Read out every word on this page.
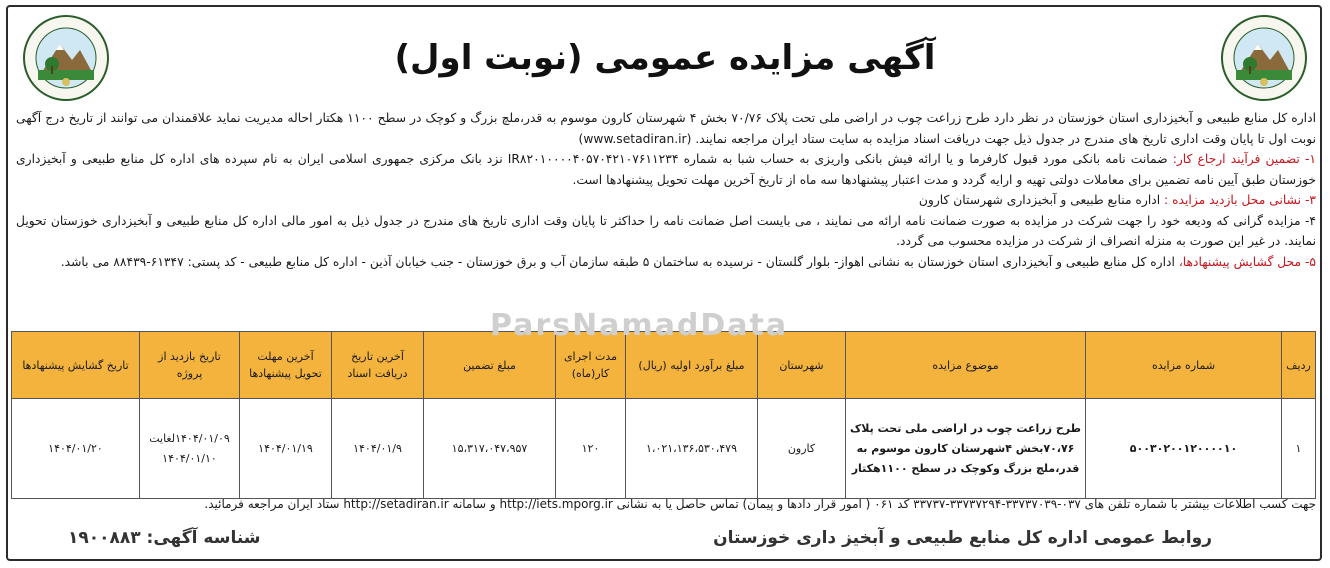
آگهی مزایده عمومی (نوبت اول)

اداره کل منابع طبیعی و آبخیزداری استان خوزستان در نظر دارد طرح زراعت چوب در اراضی ملی تحت پلاک ۷۰/۷۶ بخش ۴ شهرستان کارون موسوم به قدر،ملچ بزرگ و کوچک در سطح ۱۱۰۰ هکتار احاله مدیریت نماید علاقمندان می توانند از تاریخ درج آگهی نوبت اول تا پایان وقت اداری تاریخ های مندرج در جدول ذیل جهت دریافت اسناد مزایده به سایت ستاد ایران مراجعه نمایند. (www.setadiran.ir)

۱- تضمین فرآیند ارجاع کار: ضمانت نامه بانکی مورد قبول کارفرما و یا ارائه فیش بانکی واریزی به حساب شبا به شماره IR۸۲۰۱۰۰۰۰۴۰۵۷۰۴۲۱۰۷۶۱۱۲۳۴ نزد بانک مرکزی جمهوری اسلامی ایران به نام سپرده های اداره کل منابع طبیعی و آبخیزداری خوزستان طبق آیین نامه تضمین برای معاملات دولتی تهیه و ارایه گردد و مدت اعتبار پیشنهادها سه ماه از تاریخ آخرین مهلت تحویل پیشنهادها است.

۳- نشانی محل بازدید مزایده : اداره منابع طبیعی و آبخیزداری شهرستان کارون

۴- مزایده گرانی که ودیعه خود را جهت شرکت در مزایده به صورت ضمانت نامه ارائه می نمایند ، می بایست اصل ضمانت نامه را حداکثر تا پایان وقت اداری تاریخ های مندرج در جدول ذیل به امور مالی اداره کل منابع طبیعی و آبخیزداری خوزستان تحویل نمایند. در غیر این صورت به منزله انصراف از شرکت در مزایده محسوب می گردد.

۵- محل گشایش پیشنهادها، اداره کل منابع طبیعی و آبخیزداری استان خوزستان به نشانی اهواز- بلوار گلستان - نرسیده به ساختمان ۵ طبقه سازمان آب و برق خوزستان - جنب خیابان آذین - اداره کل منابع طبیعی - کد پستی: ۶۱۳۴۷-۸۸۴۳۹ می باشد.

ردیف	شماره مزایده	موضوع مزایده	شهرستان	مبلغ برآورد اولیه (ریال)	مدت اجرای کار(ماه)	مبلغ تضمین	آخرین تاریخ دریافت اسناد	آخرین مهلت تحویل پیشنهادها	تاریخ بازدید از پروژه	تاریخ گشایش پیشنهادها
۱	۵۰۰۳۰۲۰۰۱۲۰۰۰۰۱۰	طرح زراعت چوب در اراضی ملی تحت پلاک ۷۰،۷۶بخش ۴شهرستان کارون موسوم به قدر،ملچ بزرگ وکوچک در سطح ۱۱۰۰هکتار	کارون	۱،۰۲۱،۱۳۶،۵۳۰،۴۷۹	۱۲۰	۱۵،۳۱۷،۰۴۷،۹۵۷	۱۴۰۴/۰۱/۹	۱۴۰۴/۰۱/۱۹	۱۴۰۴/۰۱/۰۹لغایت ۱۴۰۴/۰۱/۱۰	۱۴۰۴/۰۱/۲۰
ParsNamadData
جهت کسب اطلاعات بیشتر با شماره تلفن های ۰۳۷-۳۳۷۳۷۰۳۹-۳۳۷۳۷۲۹۴-۳۳۷۳۷ کد ۰۶۱ ( امور قرار دادها و پیمان) تماس حاصل یا به نشانی http://iets.mporg.ir و سامانه http://setadiran.ir ستاد ایران مراجعه فرمائید.
روابط عمومی اداره کل منابع طبیعی و آبخیز داری خوزستان
شناسه آگهی: ۱۹۰۰۸۸۳
